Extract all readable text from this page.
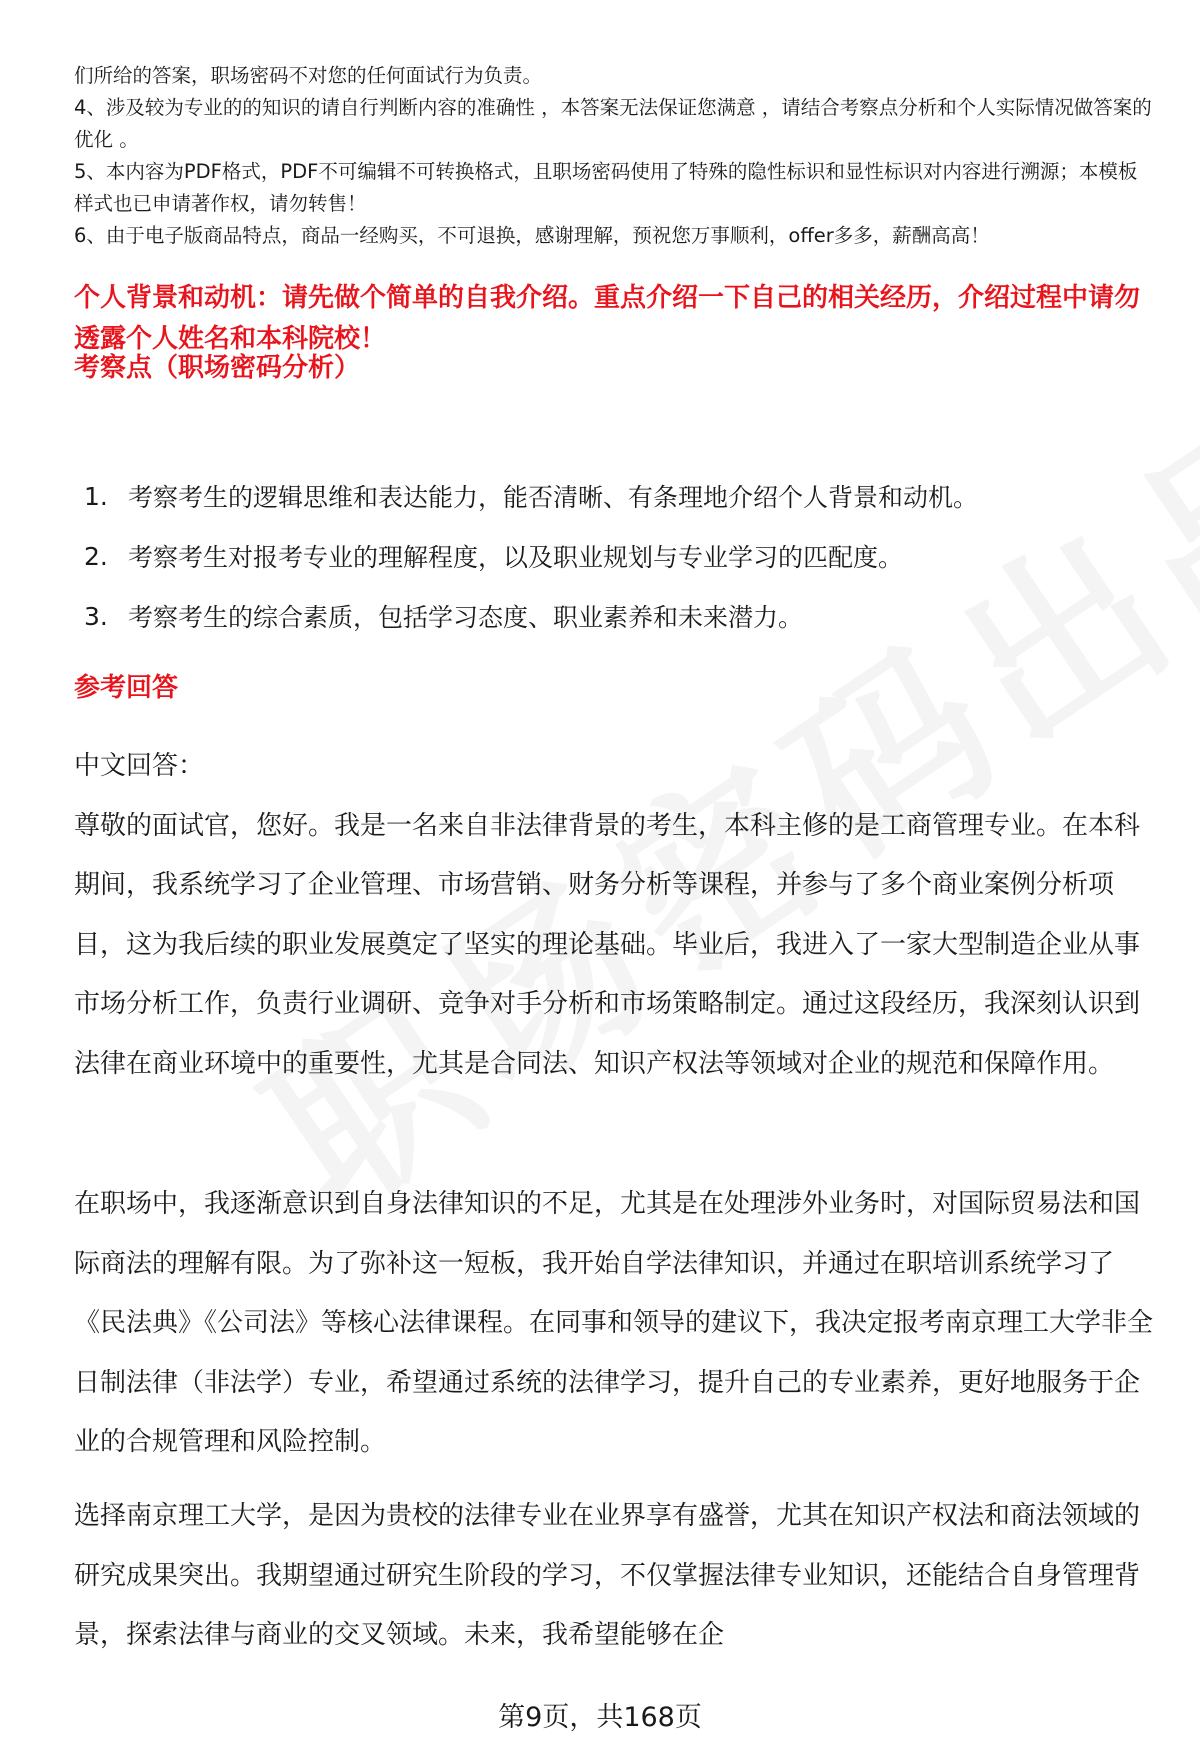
们所给的答案，职场密码不对您的任何面试行为负责。

4、涉及较为专业的的知识的请自行判断内容的准确性 ，本答案无法保证您满意 ，请结合考察点分析和个人实际情况做答案的优化 。

5、本内容为PDF格式，PDF不可编辑不可转换格式，且职场密码使用了特殊的隐性标识和显性标识对内容进行溯源；本模板样式也已申请著作权，请勿转售！

6、由于电子版商品特点，商品一经购买，不可退换，感谢理解，预祝您万事顺利，offer多多，薪酬高高！

个人背景和动机：请先做个简单的自我介绍。重点介绍一下自己的相关经历，介绍过程中请勿透露个人姓名和本科院校！

考察点（职场密码分析）

1. 考察考生的逻辑思维和表达能力，能否清晰、有条理地介绍个人背景和动机。
2. 考察考生对报考专业的理解程度，以及职业规划与专业学习的匹配度。
3. 考察考生的综合素质，包括学习态度、职业素养和未来潜力。

参考回答

中文回答：

尊敬的面试官，您好。我是一名来自非法律背景的考生，本科主修的是工商管理专业。在本科期间，我系统学习了企业管理、市场营销、财务分析等课程，并参与了多个商业案例分析项目，这为我后续的职业发展奠定了坚实的理论基础。毕业后，我进入了一家大型制造企业从事市场分析工作，负责行业调研、竞争对手分析和市场策略制定。通过这段经历，我深刻认识到法律在商业环境中的重要性，尤其是合同法、知识产权法等领域对企业的规范和保障作用。

在职场中，我逐渐意识到自身法律知识的不足，尤其是在处理涉外业务时，对国际贸易法和国际商法的理解有限。为了弥补这一短板，我开始自学法律知识，并通过在职培训系统学习了《民法典》《公司法》等核心法律课程。在同事和领导的建议下，我决定报考南京理工大学非全日制法律（非法学）专业，希望通过系统的法律学习，提升自己的专业素养，更好地服务于企业的合规管理和风险控制。

选择南京理工大学，是因为贵校的法律专业在业界享有盛誉，尤其在知识产权法和商法领域的研究成果突出。我期望通过研究生阶段的学习，不仅掌握法律专业知识，还能结合自身管理背景，探索法律与商业的交叉领域。未来，我希望能够在企

第9页，共168页
